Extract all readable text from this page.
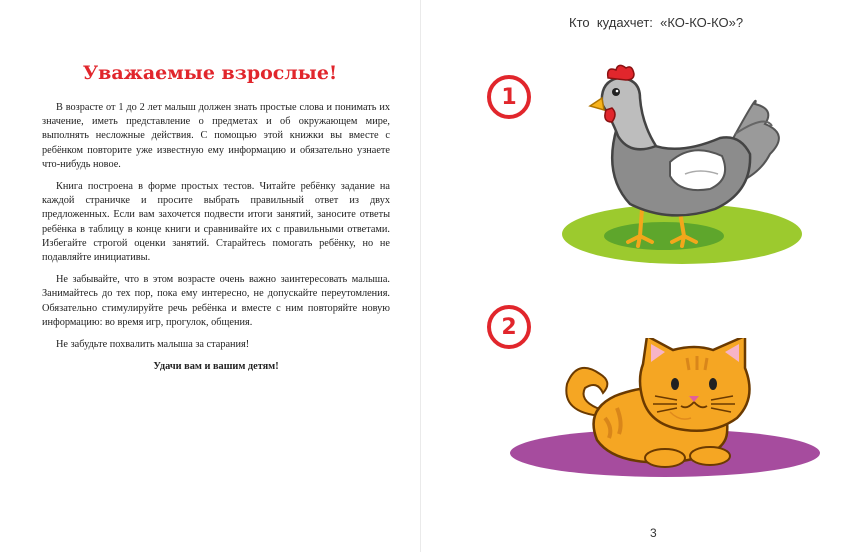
Уважаемые взрослые!

В возрасте от 1 до 2 лет малыш должен знать простые слова и понимать их значение, иметь представление о предметах и об окружающем мире, выполнять несложные действия. С помощью этой книжки вы вместе с ребёнком повторите уже известную ему информацию и обязательно узнаете что-нибудь новое.

Книга построена в форме простых тестов. Читайте ребёнку задание на каждой страничке и просите выбрать правильный ответ из двух предложенных. Если вам захочется подвести итоги занятий, заносите ответы ребёнка в таблицу в конце книги и сравнивайте их с правильными ответами. Избегайте строгой оценки занятий. Старайтесь помогать ребёнку, но не подавляйте инициативы.

Не забывайте, что в этом возрасте очень важно заинтересовать малыша. Занимайтесь до тех пор, пока ему интересно, не допускайте переутомления. Обязательно стимулируйте речь ребёнка и вместе с ним повторяйте новую информацию: во время игр, прогулок, общения.

Не забудьте похвалить малыша за старания!

Удачи вам и вашим детям!

Кто  кудахчет:  «КО-КО-КО»?
1
2
3
